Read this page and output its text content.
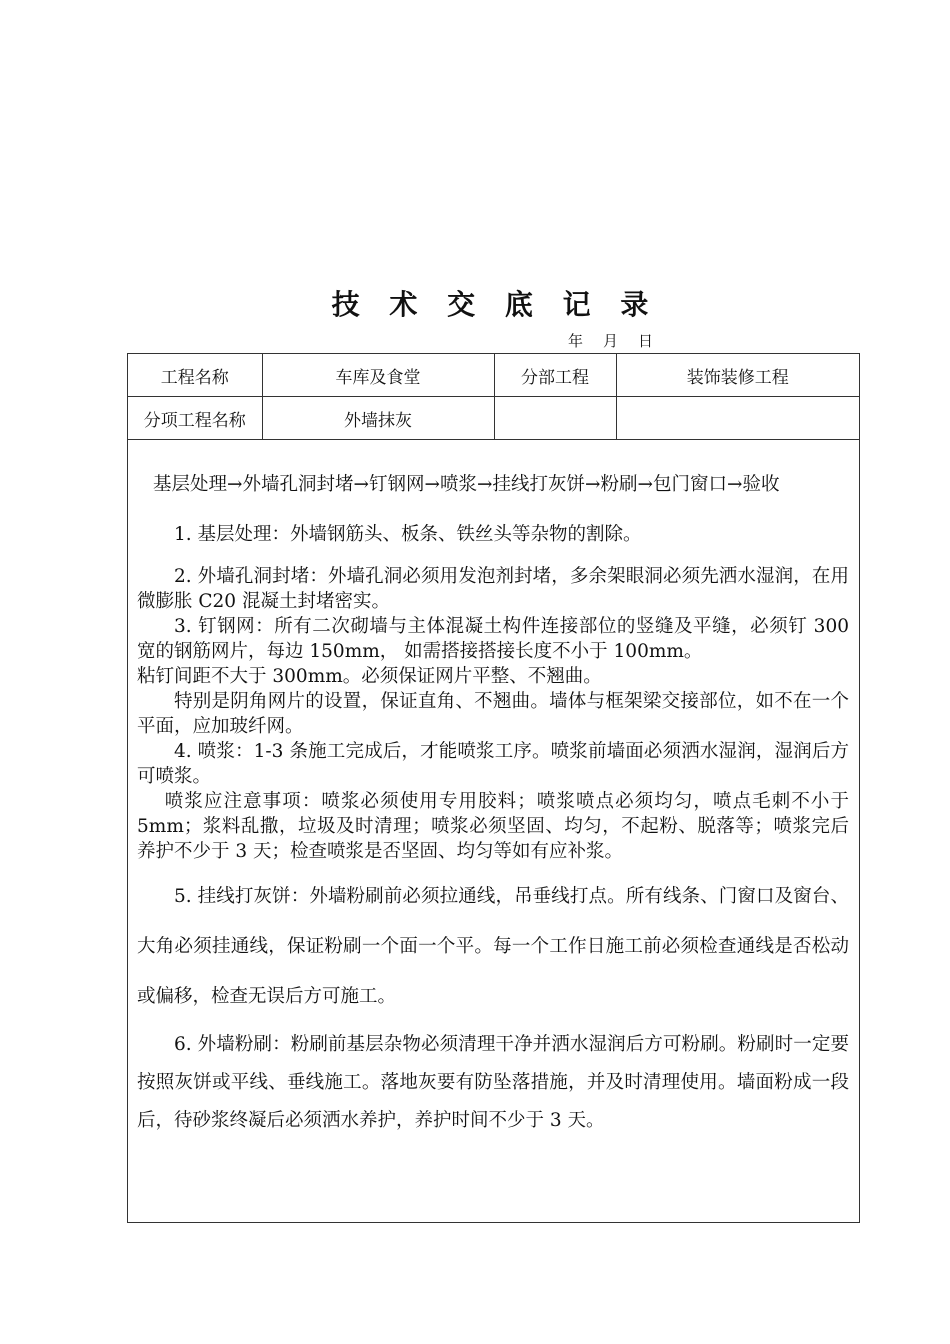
技 术 交 底 记 录
年 月 日
工程名称	车库及食堂	分部工程	装饰装修工程
分项工程名称	外墙抹灰		

基层处理→外墙孔洞封堵→钉钢网→喷浆→挂线打灰饼→粉刷→包门窗口→验收

1. 基层处理：外墙钢筋头、板条、铁丝头等杂物的割除。

2. 外墙孔洞封堵：外墙孔洞必须用发泡剂封堵，多余架眼洞必须先洒水湿润，在用微膨胀 C20 混凝土封堵密实。

3. 钉钢网：所有二次砌墙与主体混凝土构件连接部位的竖缝及平缝，必须钉 300 宽的钢筋网片，每边 150mm， 如需搭接搭接长度不小于 100mm。

粘钉间距不大于 300mm。必须保证网片平整、不翘曲。

特别是阴角网片的设置，保证直角、不翘曲。墙体与框架梁交接部位，如不在一个平面，应加玻纤网。

4. 喷浆：1-3 条施工完成后，才能喷浆工序。喷浆前墙面必须洒水湿润，湿润后方可喷浆。

喷浆应注意事项：喷浆必须使用专用胶料；喷浆喷点必须均匀，喷点毛刺不小于 5mm；浆料乱撒，垃圾及时清理；喷浆必须坚固、均匀，不起粉、脱落等；喷浆完后养护不少于 3 天；检查喷浆是否坚固、均匀等如有应补浆。

5. 挂线打灰饼：外墙粉刷前必须拉通线，吊垂线打点。所有线条、门窗口及窗台、大角必须挂通线，保证粉刷一个面一个平。每一个工作日施工前必须检查通线是否松动或偏移，检查无误后方可施工。

6. 外墙粉刷：粉刷前基层杂物必须清理干净并洒水湿润后方可粉刷。粉刷时一定要按照灰饼或平线、垂线施工。落地灰要有防坠落措施，并及时清理使用。墙面粉成一段后，待砂浆终凝后必须洒水养护，养护时间不少于 3 天。
